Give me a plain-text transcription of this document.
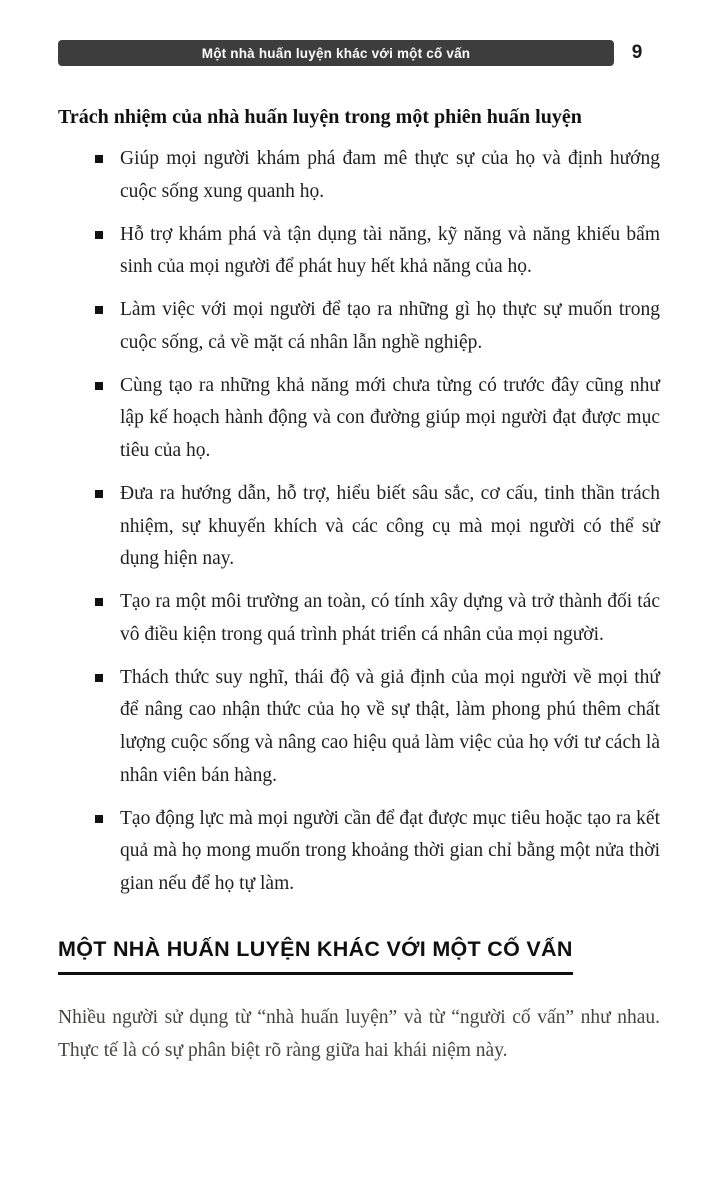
Một nhà huấn luyện khác với một cố vấn	9
Trách nhiệm của nhà huấn luyện trong một phiên huấn luyện
Giúp mọi người khám phá đam mê thực sự của họ và định hướng cuộc sống xung quanh họ.
Hỗ trợ khám phá và tận dụng tài năng, kỹ năng và năng khiếu bẩm sinh của mọi người để phát huy hết khả năng của họ.
Làm việc với mọi người để tạo ra những gì họ thực sự muốn trong cuộc sống, cả về mặt cá nhân lẫn nghề nghiệp.
Cùng tạo ra những khả năng mới chưa từng có trước đây cũng như lập kế hoạch hành động và con đường giúp mọi người đạt được mục tiêu của họ.
Đưa ra hướng dẫn, hỗ trợ, hiểu biết sâu sắc, cơ cấu, tinh thần trách nhiệm, sự khuyến khích và các công cụ mà mọi người có thể sử dụng hiện nay.
Tạo ra một môi trường an toàn, có tính xây dựng và trở thành đối tác vô điều kiện trong quá trình phát triển cá nhân của mọi người.
Thách thức suy nghĩ, thái độ và giả định của mọi người về mọi thứ để nâng cao nhận thức của họ về sự thật, làm phong phú thêm chất lượng cuộc sống và nâng cao hiệu quả làm việc của họ với tư cách là nhân viên bán hàng.
Tạo động lực mà mọi người cần để đạt được mục tiêu hoặc tạo ra kết quả mà họ mong muốn trong khoảng thời gian chỉ bằng một nửa thời gian nếu để họ tự làm.
MỘT NHÀ HUẤN LUYỆN KHÁC VỚI MỘT CỐ VẤN

Nhiều người sử dụng từ “nhà huấn luyện” và từ “người cố vấn” như nhau. Thực tế là có sự phân biệt rõ ràng giữa hai khái niệm này.
